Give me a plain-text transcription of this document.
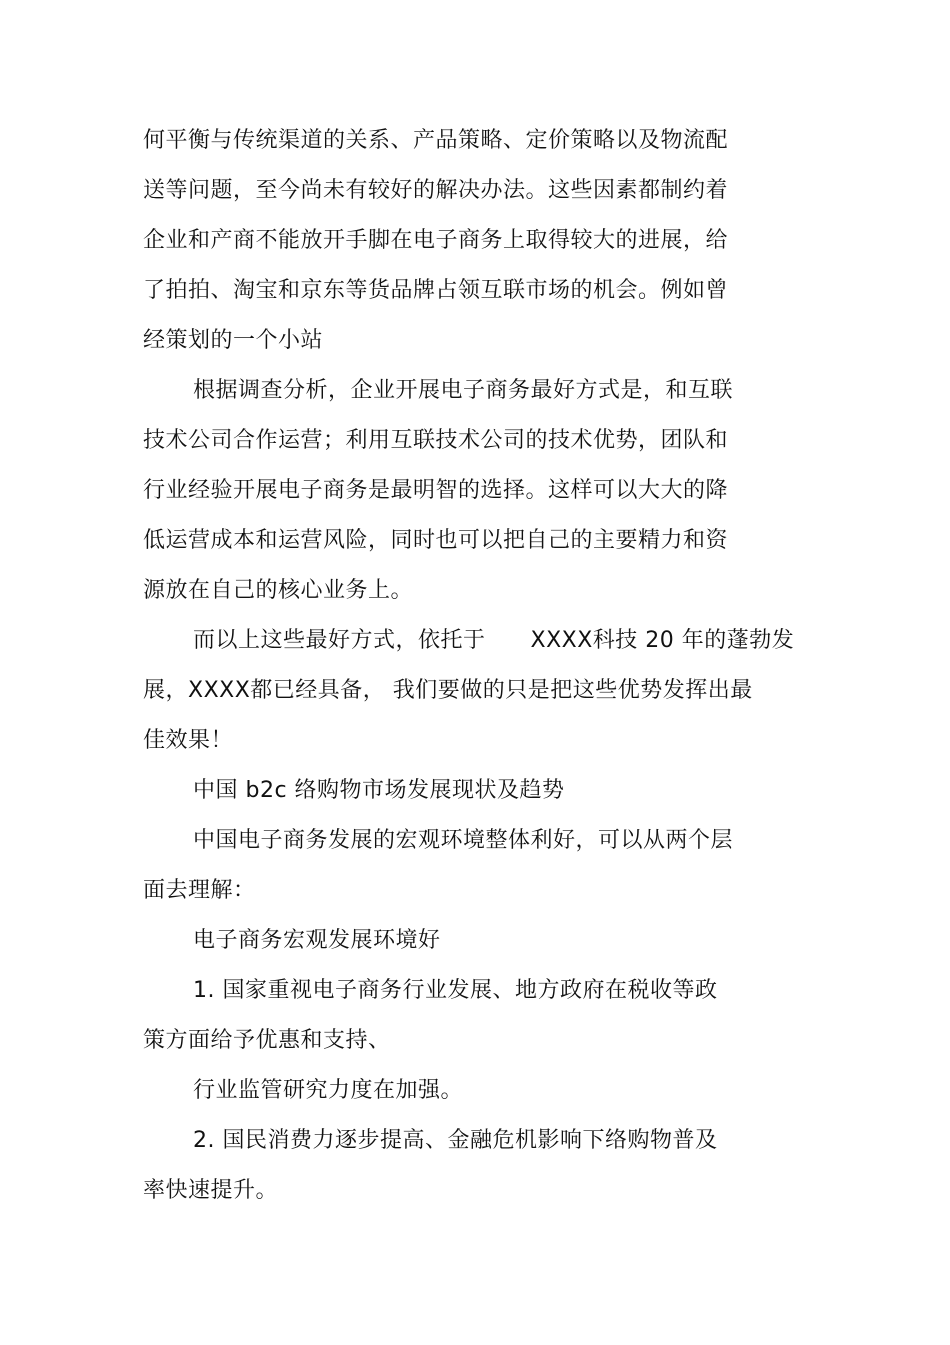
何平衡与传统渠道的关系、产品策略、定价策略以及物流配
送等问题，至今尚未有较好的解决办法。这些因素都制约着
企业和产商不能放开手脚在电子商务上取得较大的进展，给
了拍拍、淘宝和京东等货品牌占领互联市场的机会。例如曾
经策划的一个小站
根据调查分析，企业开展电子商务最好方式是，和互联
技术公司合作运营；利用互联技术公司的技术优势，团队和
行业经验开展电子商务是最明智的选择。这样可以大大的降
低运营成本和运营风险，同时也可以把自己的主要精力和资
源放在自己的核心业务上。
而以上这些最好方式，依托于　　XXXX科技 20 年的蓬勃发
展，XXXX都已经具备， 我们要做的只是把这些优势发挥出最
佳效果！
中国 b2c 络购物市场发展现状及趋势
中国电子商务发展的宏观环境整体利好，可以从两个层
面去理解：
电子商务宏观发展环境好
1. 国家重视电子商务行业发展、地方政府在税收等政
策方面给予优惠和支持、
行业监管研究力度在加强。
2. 国民消费力逐步提高、金融危机影响下络购物普及
率快速提升。
